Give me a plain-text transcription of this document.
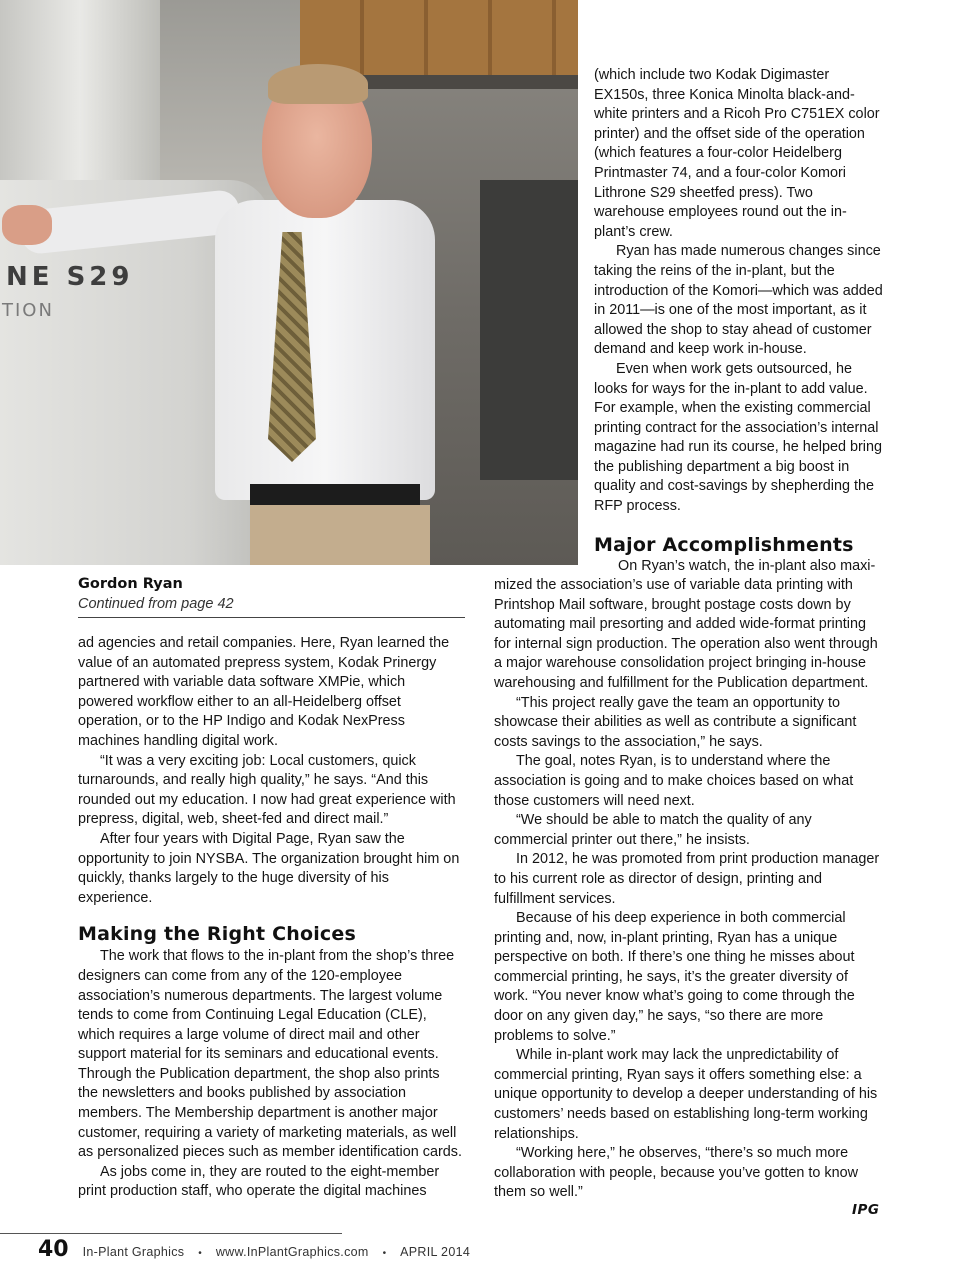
NE S29
TION

(which include two Kodak Digimaster EX150s, three Konica Minolta black-and-white printers and a Ricoh Pro C751EX color printer) and the offset side of the operation (which features a four-color Heidelberg Printmaster 74, and a four-color Komori Lithrone S29 sheetfed press). Two warehouse employees round out the in-plant’s crew.

Ryan has made numerous changes since taking the reins of the in-plant, but the introduction of the Komori—which was added in 2011—is one of the most important, as it allowed the shop to stay ahead of customer demand and keep work in-house.

Even when work gets outsourced, he looks for ways for the in-plant to add value. For example, when the existing commercial printing contract for the association’s internal magazine had run its course, he helped bring the publishing department a big boost in quality and cost-savings by shepherding the RFP process.

Major Accomplishments
On Ryan’s watch, the in-plant also maxi-

mized the association’s use of variable data printing with Printshop Mail software, brought postage costs down by automating mail presorting and added wide-format printing for internal sign production. The operation also went through a major warehouse consolidation project bringing in-house warehousing and fulfillment for the Publication department.

“This project really gave the team an opportunity to showcase their abilities as well as contribute a significant costs savings to the association,” he says.

The goal, notes Ryan, is to understand where the association is going and to make choices based on what those customers will need next.

“We should be able to match the quality of any commercial printer out there,” he insists.

In 2012, he was promoted from print production manager to his current role as director of design, printing and fulfillment services.

Because of his deep experience in both commercial printing and, now, in-plant printing, Ryan has a unique perspective on both. If there’s one thing he misses about commercial printing, he says, it’s the greater diversity of work. “You never know what’s going to come through the door on any given day,” he says, “so there are more problems to solve.”

While in-plant work may lack the unpredictability of commercial printing, Ryan says it offers something else: a unique opportunity to develop a deeper understanding of his customers’ needs based on establishing long-term working relationships.

“Working here,” he observes, “there’s so much more collaboration with people, because you’ve gotten to know them so well.”

IPG
Gordon Ryan
Continued from page 42

ad agencies and retail companies. Here, Ryan learned the value of an automated prepress system, Kodak Prinergy partnered with variable data software XMPie, which powered workflow either to an all-Heidelberg offset operation, or to the HP Indigo and Kodak NexPress machines handling digital work.

“It was a very exciting job: Local customers, quick turnarounds, and really high quality,” he says. “And this rounded out my education. I now had great experience with prepress, digital, web, sheet-fed and direct mail.”

After four years with Digital Page, Ryan saw the opportunity to join NYSBA. The organization brought him on quickly, thanks largely to the huge diversity of his experience.

Making the Right Choices

The work that flows to the in-plant from the shop’s three designers can come from any of the 120-employee association’s numerous departments. The largest volume tends to come from Continuing Legal Education (CLE), which requires a large volume of direct mail and other support material for its seminars and educational events. Through the Publication department, the shop also prints the newsletters and books published by association members. The Membership department is another major customer, requiring a variety of marketing materials, as well as personalized pieces such as member identification cards.

As jobs come in, they are routed to the eight-member print production staff, who operate the digital machines

40 In-Plant Graphics • www.InPlantGraphics.com • APRIL 2014
